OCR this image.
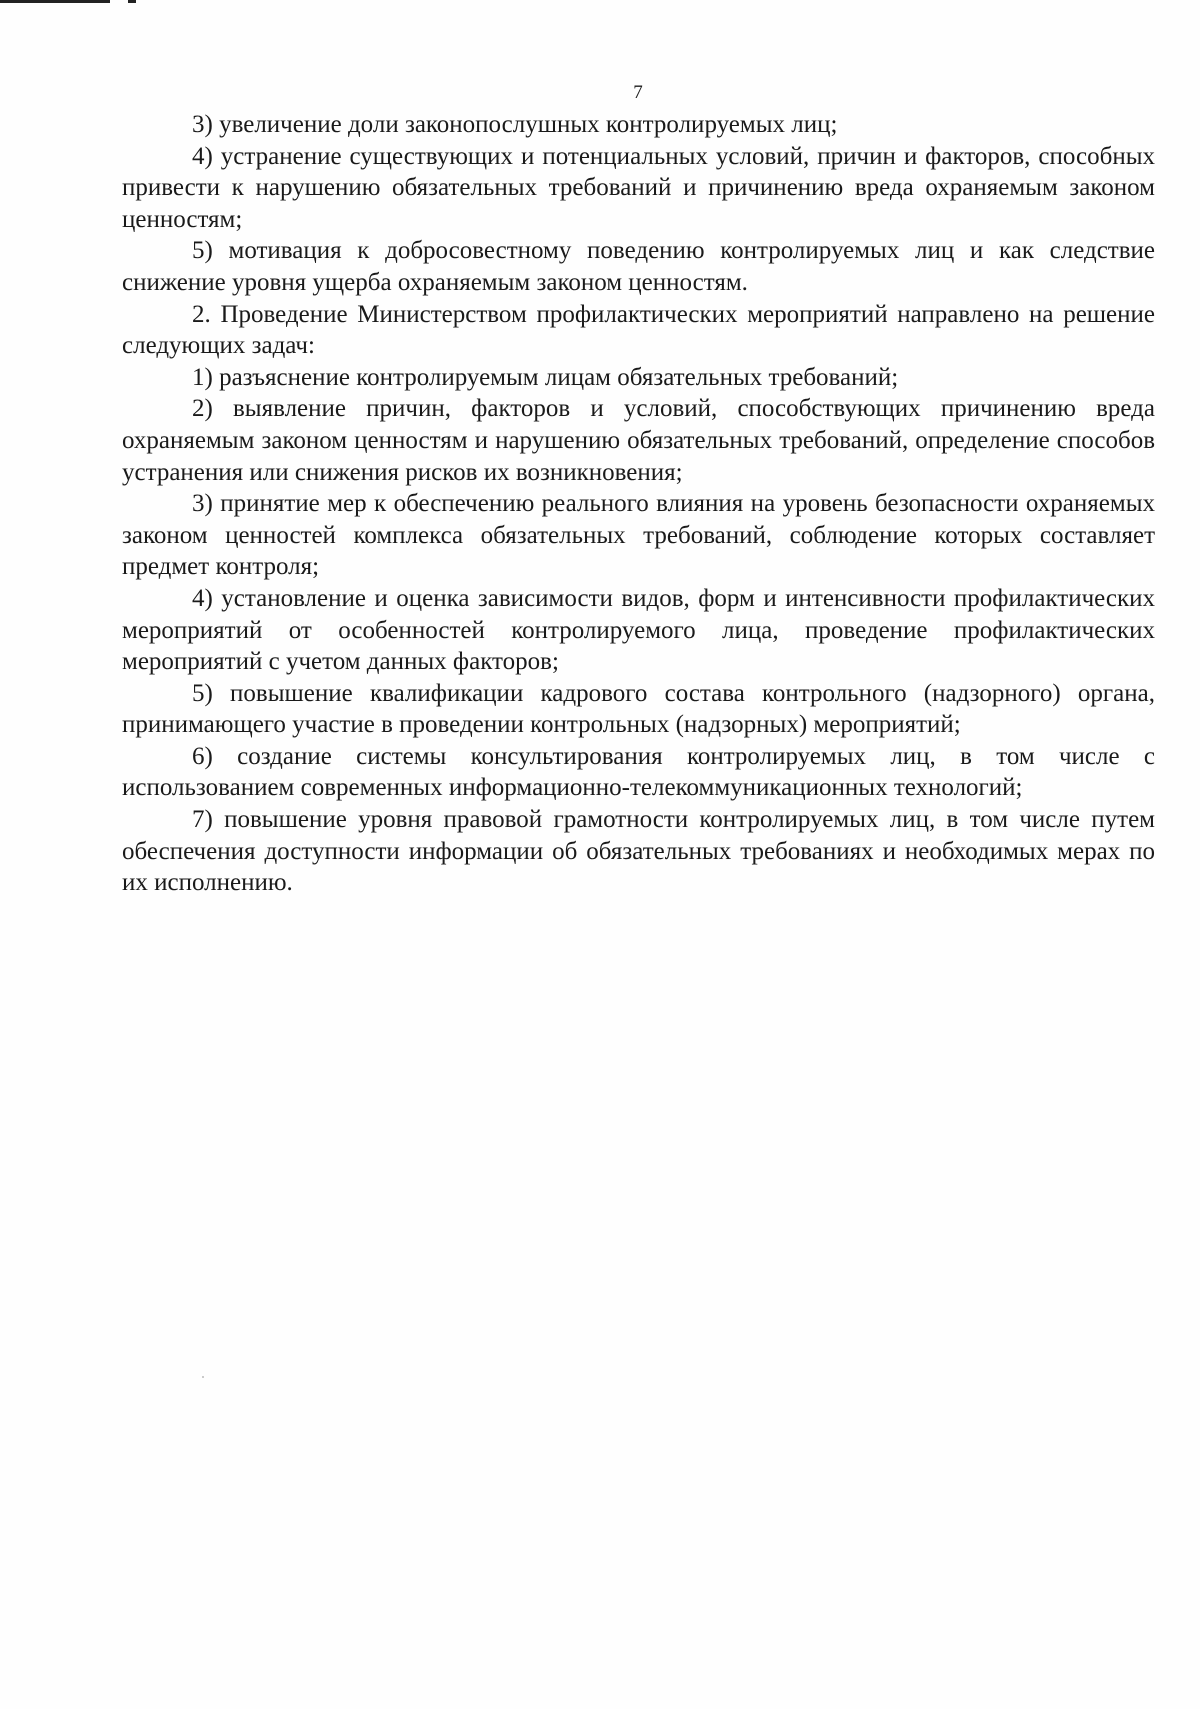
7

3) увеличение доли законопослушных контролируемых лиц;

4) устранение существующих и потенциальных условий, причин и факторов, способных привести к нарушению обязательных требований и причинению вреда охраняемым законом ценностям;

5) мотивация к добросовестному поведению контролируемых лиц и как следствие снижение уровня ущерба охраняемым законом ценностям.

2. Проведение Министерством профилактических мероприятий направлено на решение следующих задач:

1) разъяснение контролируемым лицам обязательных требований;

2) выявление причин, факторов и условий, способствующих причинению вреда охраняемым законом ценностям и нарушению обязательных требований, определение способов устранения или снижения рисков их возникновения;

3) принятие мер к обеспечению реального влияния на уровень безопасности охраняемых законом ценностей комплекса обязательных требований, соблюдение которых составляет предмет контроля;

4) установление и оценка зависимости видов, форм и интенсивности профилактических мероприятий от особенностей контролируемого лица, проведение профилактических мероприятий с учетом данных факторов;

5) повышение квалификации кадрового состава контрольного (надзорного) органа, принимающего участие в проведении контрольных (надзорных) мероприятий;

6) создание системы консультирования контролируемых лиц, в том числе с использованием современных информационно-телекоммуникационных технологий;

7) повышение уровня правовой грамотности контролируемых лиц, в том числе путем обеспечения доступности информации об обязательных требованиях и необходимых мерах по их исполнению.
